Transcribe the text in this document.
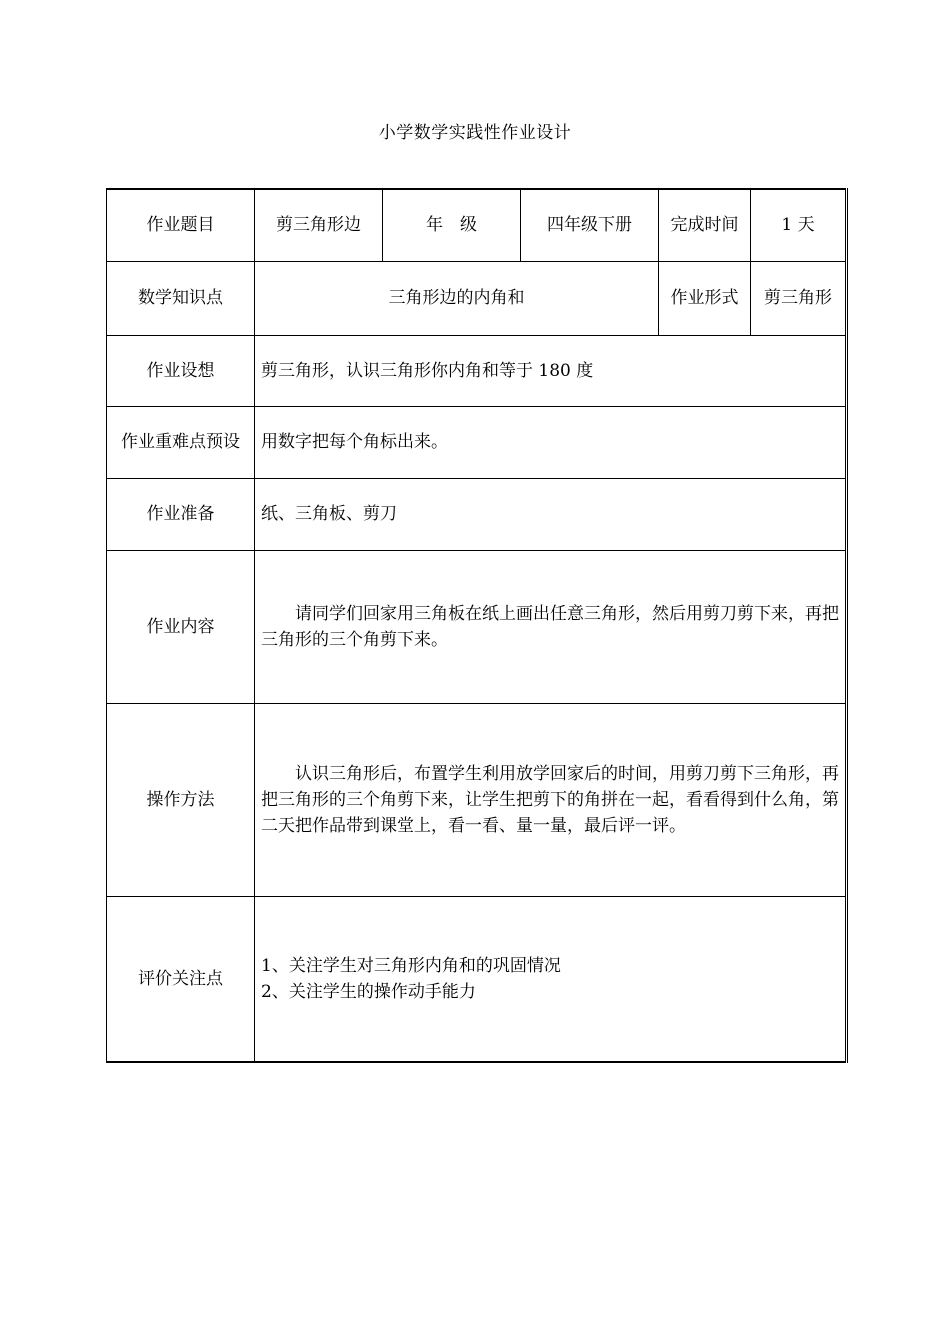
小学数学实践性作业设计
作业题目	剪三角形边	年　级	四年级下册	完成时间	1 天
数学知识点	三角形边的内角和			作业形式	剪三角形
作业设想	剪三角形，认识三角形你内角和等于 180 度				
作业重难点预设	用数字把每个角标出来。				
作业准备	纸、三角板、剪刀				
作业内容	请同学们回家用三角板在纸上画出任意三角形，然后用剪刀剪下来，再把三角形的三个角剪下来。				

操作方法	认识三角形后，布置学生利用放学回家后的时间，用剪刀剪下三角形，再把三角形的三个角剪下来，让学生把剪下的角拼在一起，看看得到什么角，第二天把作品带到课堂上，看一看、量一量，最后评一评。				

评价关注点	1、关注学生对三角形内角和的巩固情况
2、关注学生的操作动手能力				
